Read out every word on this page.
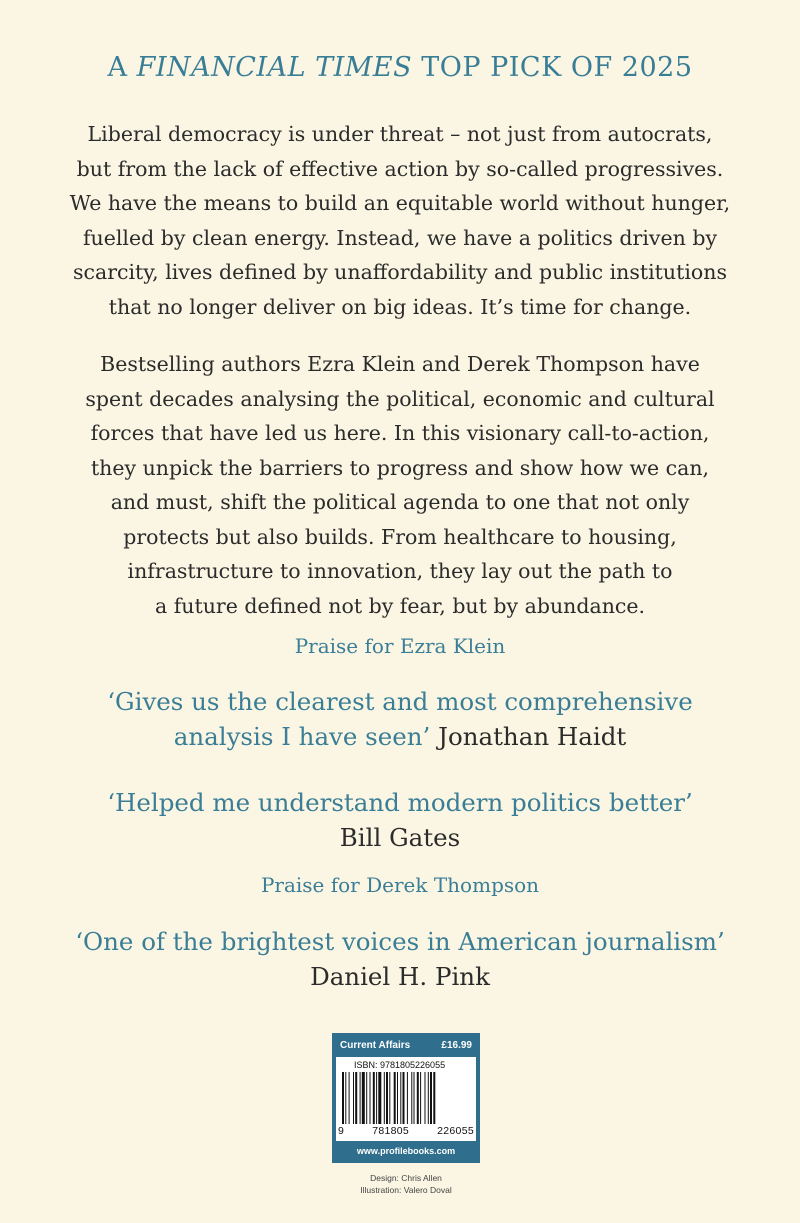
A FINANCIAL TIMES TOP PICK OF 2025

Liberal democracy is under threat – not just from autocrats,

but from the lack of effective action by so-called progressives.

We have the means to build an equitable world without hunger,

fuelled by clean energy. Instead, we have a politics driven by

scarcity, lives defined by unaffordability and public institutions

that no longer deliver on big ideas. It’s time for change.

Bestselling authors Ezra Klein and Derek Thompson have

spent decades analysing the political, economic and cultural

forces that have led us here. In this visionary call-to-action,

they unpick the barriers to progress and show how we can,

and must, shift the political agenda to one that not only

protects but also builds. From healthcare to housing,

infrastructure to innovation, they lay out the path to

a future defined not by fear, but by abundance.

Praise for Ezra Klein

‘Gives us the clearest and most comprehensive

analysis I have seen’ Jonathan Haidt

‘Helped me understand modern politics better’

Bill Gates

Praise for Derek Thompson

‘One of the brightest voices in American journalism’

Daniel H. Pink

Current Affairs	£16.99
ISBN: 9781805226055
9	781805	226055
www.profilebooks.com
Design: Chris Allen
Illustration: Valero Doval
